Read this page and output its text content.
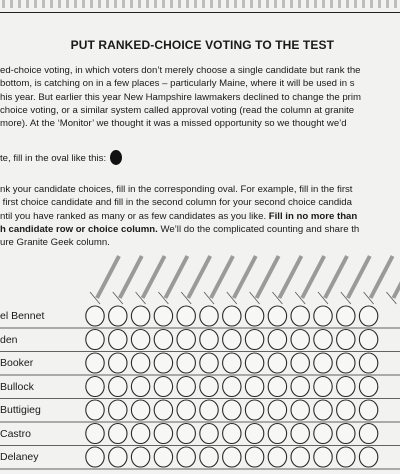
PUT RANKED-CHOICE VOTING TO THE TEST
ed-choice voting, in which voters don’t merely choose a single candidate but rank the
bottom, is catching on in a few places – particularly Maine, where it will be used in s
his year. But earlier this year New Hampshire lawmakers declined to change the prim
choice voting, or a similar system called approval voting (read the column at granite
more). At the ‘Monitor’ we thought it was a missed opportunity so we thought we’d
te, fill in the oval like this:
nk your candidate choices, fill in the corresponding oval. For example, fill in the first
first choice candidate and fill in the second column for your second choice candida
ntil you have ranked as many or as few candidates as you like. Fill in no more than
h candidate row or choice column. We’ll do the complicated counting and share th
ure Granite Geek column.
el Bennet
den
Booker
Bullock
Buttigieg
Castro
Delaney
